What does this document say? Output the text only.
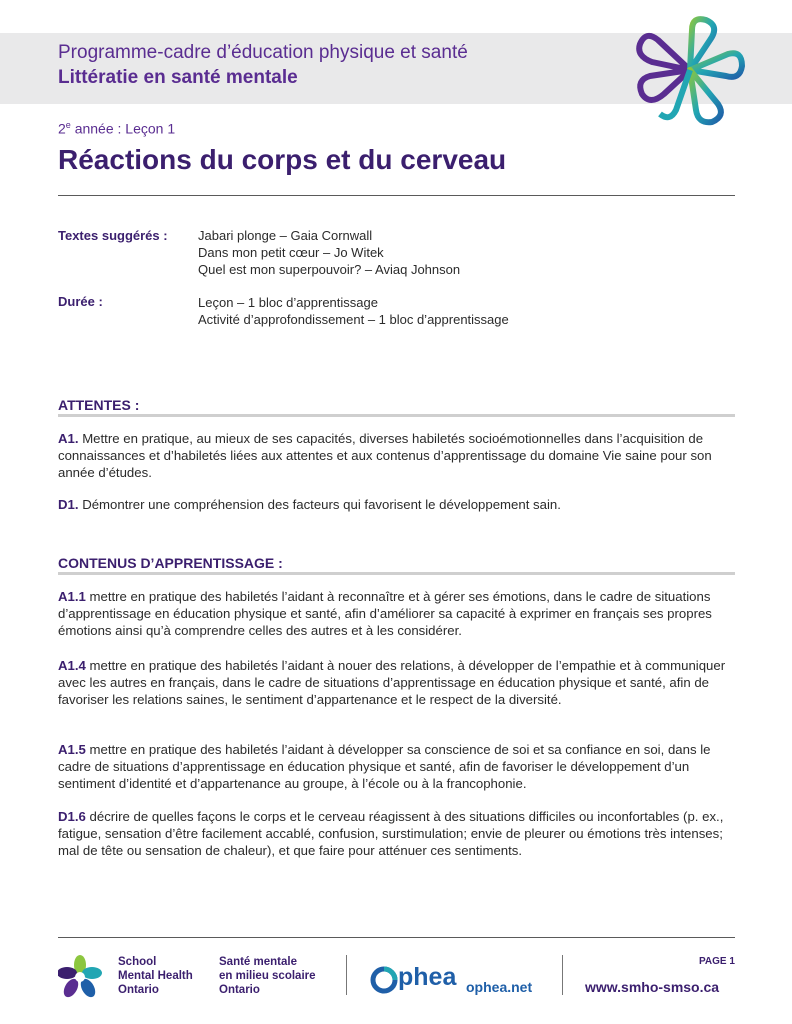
Programme-cadre d’éducation physique et santé
Littératie en santé mentale
2e année : Leçon 1
Réactions du corps et du cerveau
Textes suggérés : Jabari plonge – Gaia Cornwall
Dans mon petit cœur – Jo Witek
Quel est mon superpouvoir? – Aviaq Johnson
Durée :	Leçon – 1 bloc d’apprentissage
Activité d’approfondissement – 1 bloc d’apprentissage
ATTENTES :
A1. Mettre en pratique, au mieux de ses capacités, diverses habiletés socioémotionnelles dans l’acquisition de connaissances et d’habiletés liées aux attentes et aux contenus d’apprentissage du domaine Vie saine pour son année d’études.
D1. Démontrer une compréhension des facteurs qui favorisent le développement sain.
CONTENUS D’APPRENTISSAGE :
A1.1 mettre en pratique des habiletés l’aidant à reconnaître et à gérer ses émotions, dans le cadre de situations d’apprentissage en éducation physique et santé, afin d’améliorer sa capacité à exprimer en français ses propres émotions ainsi qu’à comprendre celles des autres et à les considérer.
A1.4 mettre en pratique des habiletés l’aidant à nouer des relations, à développer de l’empathie et à communiquer avec les autres en français, dans le cadre de situations d’apprentissage en éducation physique et santé, afin de favoriser les relations saines, le sentiment d’appartenance et le respect de la diversité.
A1.5 mettre en pratique des habiletés l’aidant à développer sa conscience de soi et sa confiance en soi, dans le cadre de situations d’apprentissage en éducation physique et santé, afin de favoriser le développement d’un sentiment d’identité et d’appartenance au groupe, à l’école ou à la francophonie.
D1.6 décrire de quelles façons le corps et le cerveau réagissent à des situations difficiles ou inconfortables (p. ex., fatigue, sensation d’être facilement accablé, confusion, surstimulation; envie de pleurer ou émotions très intenses; mal de tête ou sensation de chaleur), et que faire pour atténuer ces sentiments.
School
Mental Health
Ontario
Santé mentale
en milieu scolaire
Ontario	phea ophea.net
PAGE 1
www.smho-smso.ca
